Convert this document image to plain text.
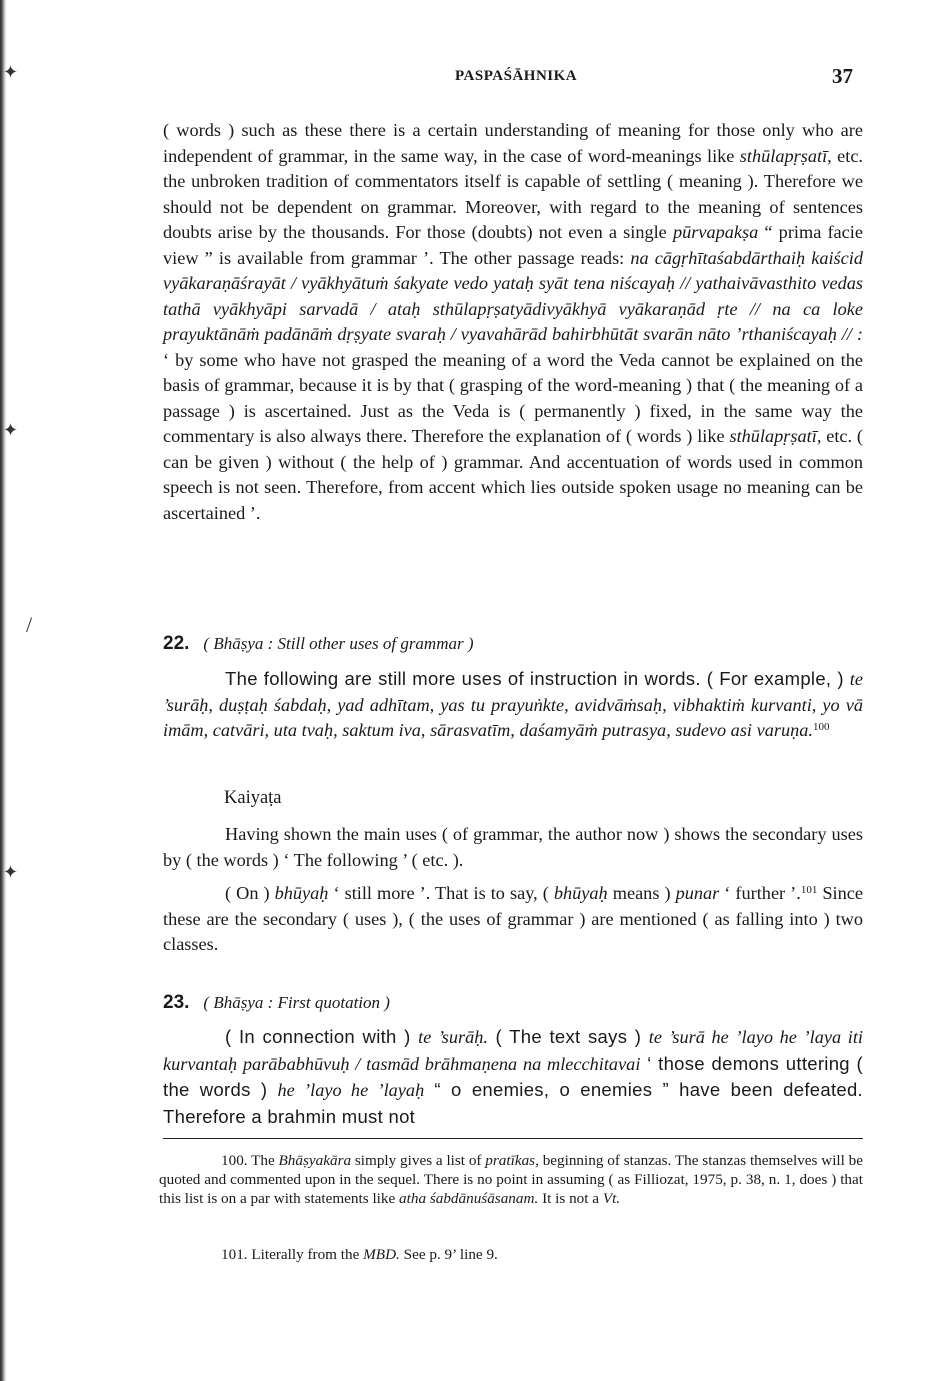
✦
✦
✦
/
PASPAŚĀHNIKA	37

( words ) such as these there is a certain understanding of meaning for those only who are independent of grammar, in the same way, in the case of word-meanings like sthūlapṛṣatī, etc. the unbroken tradition of commentators itself is capable of settling ( meaning ). Therefore we should not be dependent on grammar. Moreover, with regard to the meaning of sentences doubts arise by the thousands. For those (doubts) not even a single pūrvapakṣa “ prima facie view ” is available from grammar ’. The other passage reads: na cāgṛhītaśabdārthaiḥ kaiścid vyākaraṇāśrayāt / vyākhyātuṁ śakyate vedo yataḥ syāt tena niścayaḥ // yathaivāvasthito vedas tathā vyākhyāpi sarvadā / ataḥ sthūlapṛṣatyādivyākhyā vyākaraṇād ṛte // na ca loke prayuktānāṁ padānāṁ dṛṣyate svaraḥ / vyavahārād bahirbhūtāt svarān nāto ’rthaniścayaḥ // : ‘ by some who have not grasped the meaning of a word the Veda cannot be explained on the basis of grammar, because it is by that ( grasping of the word-meaning ) that ( the meaning of a passage ) is ascertained. Just as the Veda is ( permanently ) fixed, in the same way the commentary is also always there. Therefore the explanation of ( words ) like sthūlapṛṣatī, etc. ( can be given ) without ( the help of ) grammar. And accentuation of words used in common speech is not seen. Therefore, from accent which lies outside spoken usage no meaning can be ascertained ’.

22. ( Bhāṣya : Still other uses of grammar )

The following are still more uses of instruction in words. ( For example, ) te ’surāḥ, duṣṭaḥ śabdaḥ, yad adhītam, yas tu prayuṅkte, avidvāṁsaḥ, vibhaktiṁ kurvanti, yo vā imām, catvāri, uta tvaḥ, saktum iva, sārasvatīm, daśamyāṁ putrasya, sudevo asi varuṇa.$^{100}$

Kaiyaṭa

Having shown the main uses ( of grammar, the author now ) shows the secondary uses by ( the words ) ‘ The following ’ ( etc. ).

( On ) bhūyaḥ ‘ still more ’. That is to say, ( bhūyaḥ means ) punar ‘ further ’.$^{101}$ Since these are the secondary ( uses ), ( the uses of grammar ) are mentioned ( as falling into ) two classes.

23. ( Bhāṣya : First quotation )

( In connection with ) te ’surāḥ. ( The text says ) te ’surā he ’layo he ’laya iti kurvantaḥ parābabhūvuḥ / tasmād brāhmaṇena na mlecchitavai ‘ those demons uttering ( the words ) he ’layo he ’layaḥ “ o enemies, o enemies ” have been defeated. Therefore a brahmin must not

100. The Bhāṣyakāra simply gives a list of pratīkas, beginning of stanzas. The stanzas themselves will be quoted and commented upon in the sequel. There is no point in assuming ( as Filliozat, 1975, p. 38, n. 1, does ) that this list is on a par with statements like atha śabdānuśāsanam. It is not a Vt.

101. Literally from the MBD. See p. 9’ line 9.
